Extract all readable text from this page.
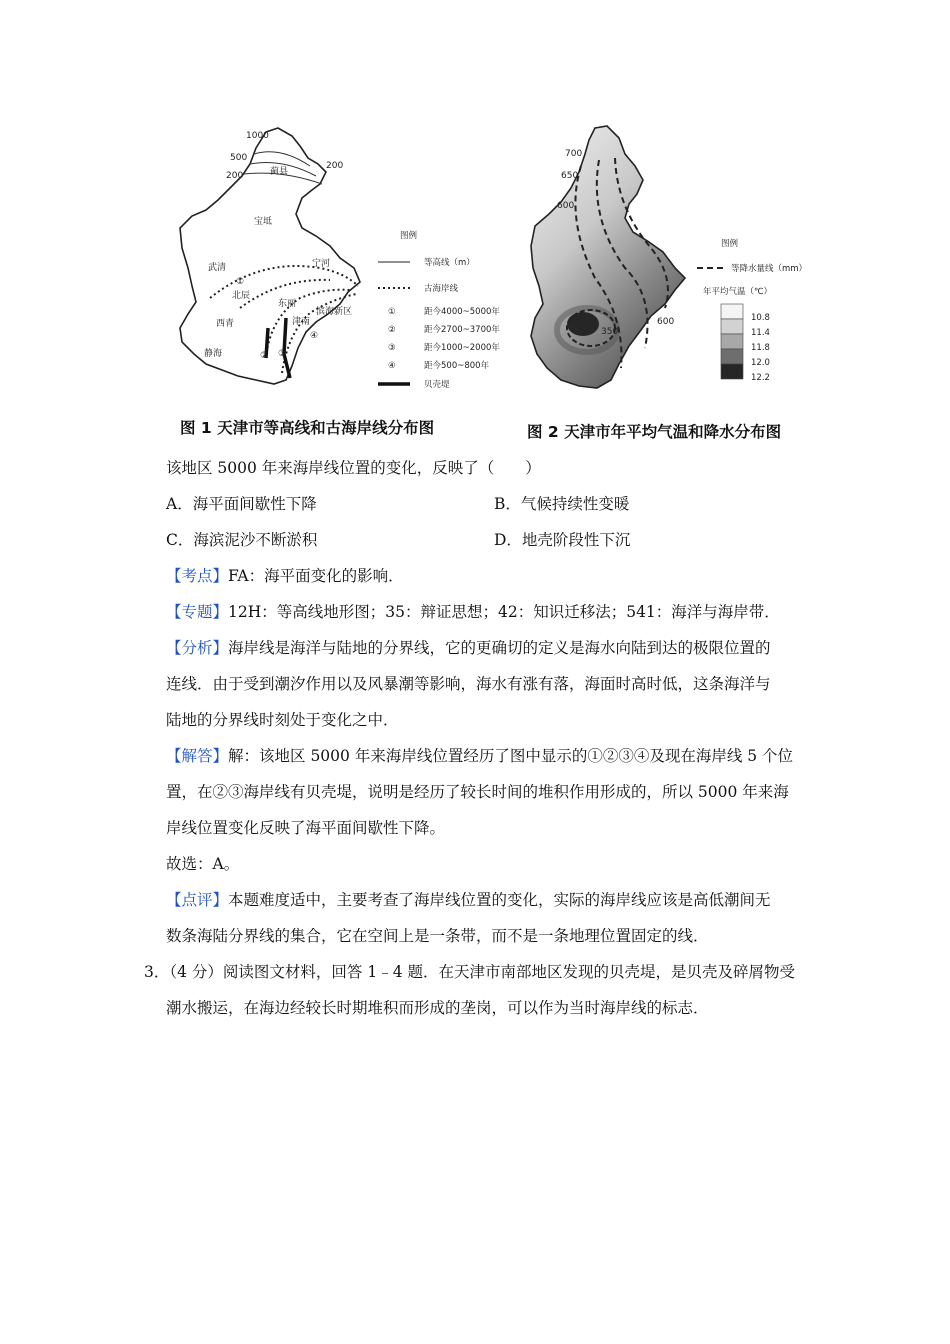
1000
500
200
200
蓟县
宝坻
武清	宁河
北辰
东丽
西青	津南
静海
滨海新区
①
② ③
④
图例
等高线（m）
古海岸线
①	距今4000~5000年
②	距今2700~3700年
③	距今1000~2000年
④	距今500~800年
贝壳堤
图 1 天津市等高线和古海岸线分布图
700
650
600
350
600
图例
等降水量线（mm）
年平均气温（℃）
10.8
11.4
11.8
12.0
12.2
图 2 天津市年平均气温和降水分布图
该地区 5000 年来海岸线位置的变化，反映了（　　）
A．海平面间歇性下降	B．气候持续性变暖
C．海滨泥沙不断淤积	D．地壳阶段性下沉
【考点】FA：海平面变化的影响．
【专题】12H：等高线地形图；35：辩证思想；42：知识迁移法；541：海洋与海岸带．
【分析】海岸线是海洋与陆地的分界线，它的更确切的定义是海水向陆到达的极限位置的
连线．由于受到潮汐作用以及风暴潮等影响，海水有涨有落，海面时高时低，这条海洋与
陆地的分界线时刻处于变化之中．
【解答】解：该地区 5000 年来海岸线位置经历了图中显示的①②③④及现在海岸线 5 个位
置，在②③海岸线有贝壳堤，说明是经历了较长时间的堆积作用形成的，所以 5000 年来海
岸线位置变化反映了海平面间歇性下降。
故选：A。
【点评】本题难度适中，主要考查了海岸线位置的变化，实际的海岸线应该是高低潮间无
数条海陆分界线的集合，它在空间上是一条带，而不是一条地理位置固定的线．
3．（4 分）阅读图文材料，回答 1﹣4 题．在天津市南部地区发现的贝壳堤，是贝壳及碎屑物受
潮水搬运，在海边经较长时期堆积而形成的垄岗，可以作为当时海岸线的标志．
